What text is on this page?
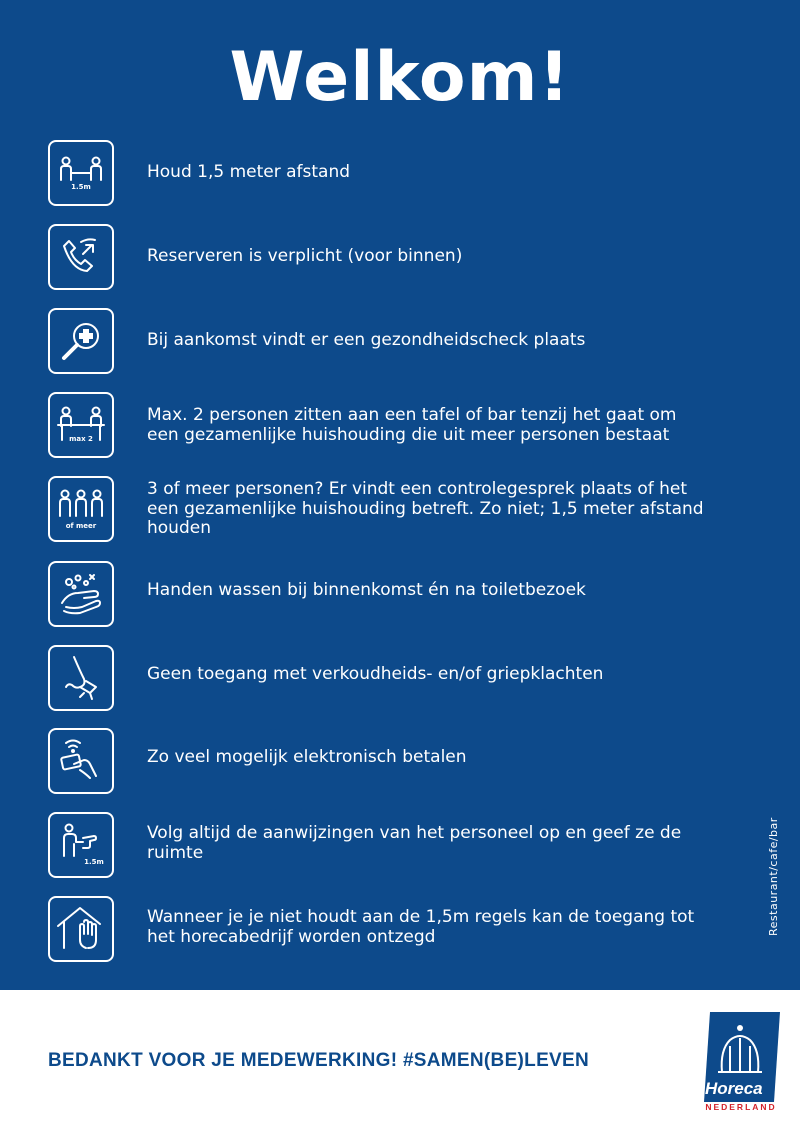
Welkom!
1.5m
Houd 1,5 meter afstand
Reserveren is verplicht (voor binnen)
Bij aankomst vindt er een gezondheidscheck plaats
max 2
Max. 2 personen zitten aan een tafel of bar tenzij het gaat om
een gezamenlijke huishouding die uit meer personen bestaat
of meer
3 of meer personen? Er vindt een controlegesprek plaats of het
een gezamenlijke huishouding betreft. Zo niet; 1,5 meter afstand
houden
Handen wassen bij binnenkomst én na toiletbezoek
Geen toegang met verkoudheids- en/of griepklachten
Zo veel mogelijk elektronisch betalen
1.5m
Volg altijd de aanwijzingen van het personeel op en geef ze de
ruimte
Wanneer je je niet houdt aan de 1,5m regels kan de toegang tot
het horecabedrijf worden ontzegd
Restaurant/cafe/bar
BEDANKT VOOR JE MEDEWERKING! #SAMEN(BE)LEVEN
Horeca
NEDERLAND
